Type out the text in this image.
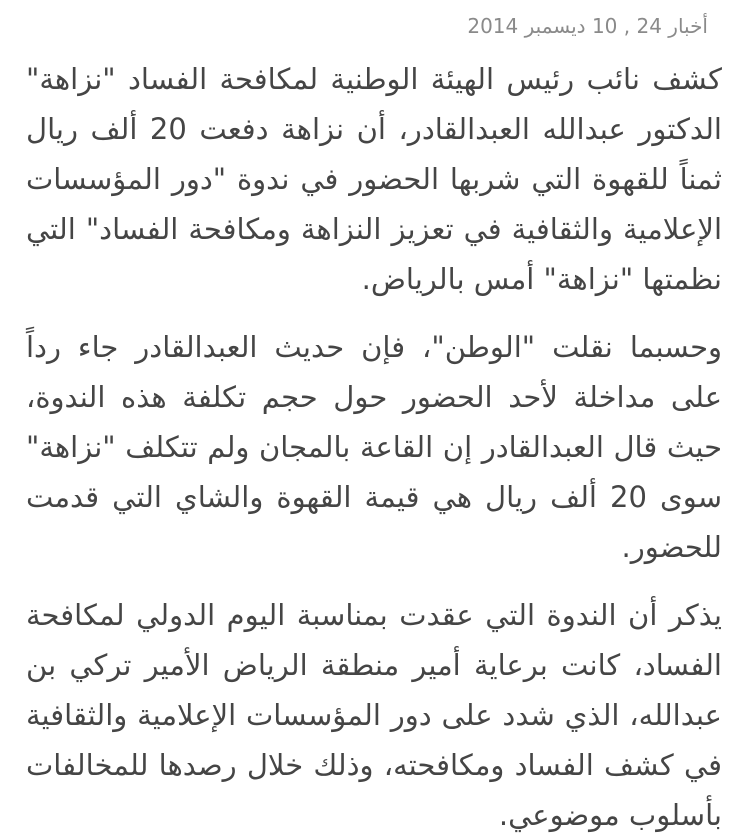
أخبار 24 , 10 ديسمبر 2014

كشف نائب رئيس الهيئة الوطنية لمكافحة الفساد "نزاهة" الدكتور عبدالله العبدالقادر، أن نزاهة دفعت 20 ألف ريال ثمناً للقهوة التي شربها الحضور في ندوة "دور المؤسسات الإعلامية والثقافية في تعزيز النزاهة ومكافحة الفساد" التي نظمتها "نزاهة" أمس بالرياض.

وحسبما نقلت "الوطن"، فإن حديث العبدالقادر جاء رداً على مداخلة لأحد الحضور حول حجم تكلفة هذه الندوة، حيث قال العبدالقادر إن القاعة بالمجان ولم تتكلف "نزاهة" سوى 20 ألف ريال هي قيمة القهوة والشاي التي قدمت للحضور.

يذكر أن الندوة التي عقدت بمناسبة اليوم الدولي لمكافحة الفساد، كانت برعاية أمير منطقة الرياض الأمير تركي بن عبدالله، الذي شدد على دور المؤسسات الإعلامية والثقافية في كشف الفساد ومكافحته، وذلك خلال رصدها للمخالفات بأسلوب موضوعي.
